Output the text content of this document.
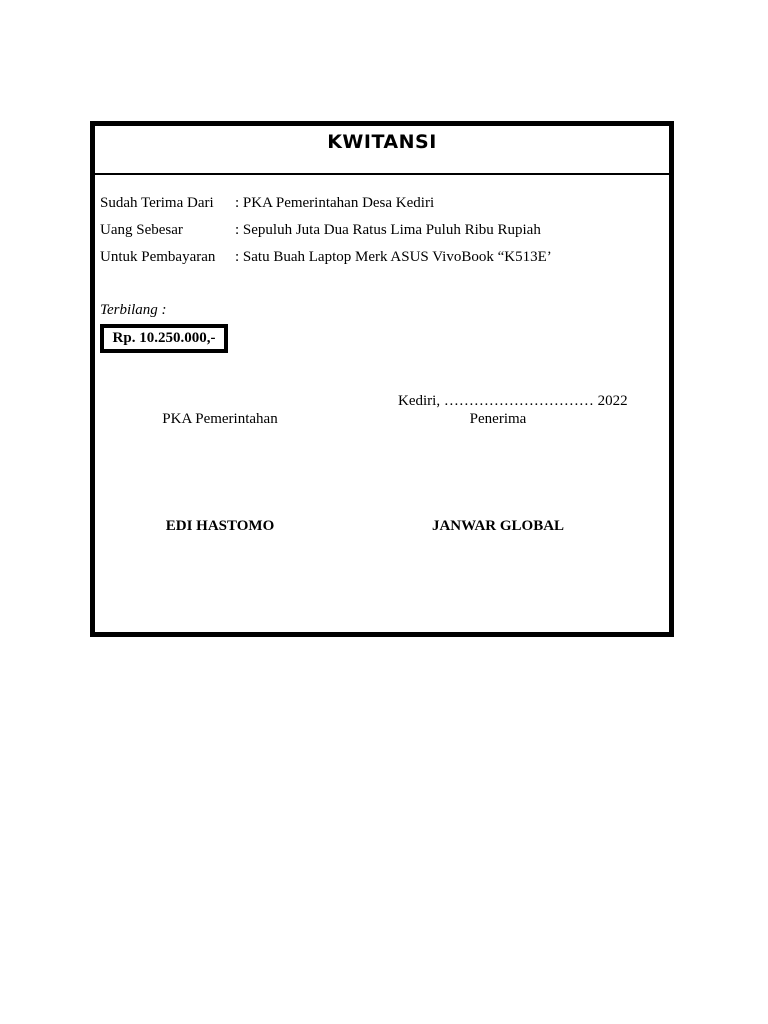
KWITANSI
Sudah Terima Dari : PKA Pemerintahan Desa Kediri
Uang Sebesar	: Sepuluh Juta Dua Ratus Lima Puluh Ribu Rupiah
Untuk Pembayaran : Satu Buah Laptop Merk ASUS VivoBook “K513E’
Terbilang :
Rp. 10.250.000,-
Kediri, ………………………… 2022
PKA Pemerintahan	Penerima
EDI HASTOMO	JANWAR GLOBAL
